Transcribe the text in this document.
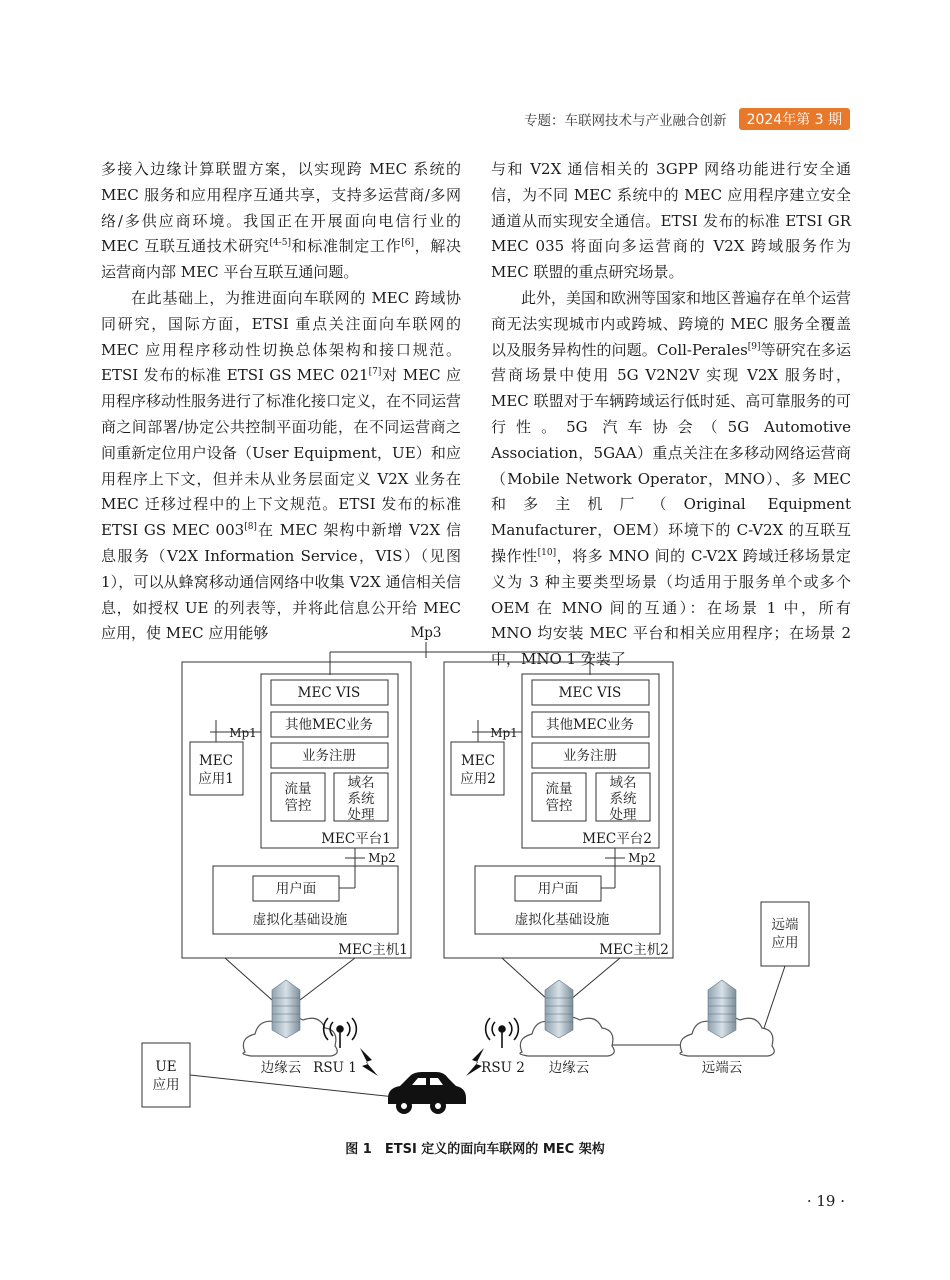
专题：车联网技术与产业融合创新	2024年第 3 期

多接入边缘计算联盟方案，以实现跨 MEC 系统的 MEC 服务和应用程序互通共享，支持多运营商/多网络/多供应商环境。我国正在开展面向电信行业的 MEC 互联互通技术研究[4-5]和标准制定工作[6]，解决运营商内部 MEC 平台互联互通问题。

在此基础上，为推进面向车联网的 MEC 跨域协同研究，国际方面，ETSI 重点关注面向车联网的 MEC 应用程序移动性切换总体架构和接口规范。ETSI 发布的标准 ETSI GS MEC 021[7]对 MEC 应用程序移动性服务进行了标准化接口定义，在不同运营商之间部署/协定公共控制平面功能，在不同运营商之间重新定位用户设备（User Equipment，UE）和应用程序上下文，但并未从业务层面定义 V2X 业务在 MEC 迁移过程中的上下文规范。ETSI 发布的标准 ETSI GS MEC 003[8]在 MEC 架构中新增 V2X 信息服务（V2X Information Service，VIS）（见图 1），可以从蜂窝移动通信网络中收集 V2X 通信相关信息，如授权 UE 的列表等，并将此信息公开给 MEC 应用，使 MEC 应用能够

与和 V2X 通信相关的 3GPP 网络功能进行安全通信，为不同 MEC 系统中的 MEC 应用程序建立安全通道从而实现安全通信。ETSI 发布的标准 ETSI GR MEC 035 将面向多运营商的 V2X 跨域服务作为 MEC 联盟的重点研究场景。

此外，美国和欧洲等国家和地区普遍存在单个运营商无法实现城市内或跨城、跨境的 MEC 服务全覆盖以及服务异构性的问题。Coll-Perales[9]等研究在多运营商场景中使用 5G V2N2V 实现 V2X 服务时，MEC 联盟对于车辆跨域运行低时延、高可靠服务的可行性。5G 汽车协会（5G Automotive Association，5GAA）重点关注在多移动网络运营商（Mobile Network Operator，MNO）、多 MEC 和多主机厂（Original Equipment Manufacturer，OEM）环境下的 C-V2X 的互联互操作性[10]，将多 MNO 间的 C-V2X 跨域迁移场景定义为 3 种主要类型场景（均适用于服务单个或多个 OEM 在 MNO 间的互通）：在场景 1 中，所有 MNO 均安装 MEC 平台和相关应用程序；在场景 2 中，MNO 1 安装了

Mp3
Mp1	Mp1
Mp2	Mp2
MEC VIS
其他MEC业务
业务注册
流量
管控
域名
系统
处理
MEC平台1
MEC
应用1
用户面
虚拟化基础设施
MEC主机1
MEC VIS
其他MEC业务
业务注册
流量
管控
域名
系统
处理
MEC平台2
MEC
应用2
用户面
虚拟化基础设施
MEC主机2
远端
应用
UE
应用
边缘云 RSU 1	RSU 2 边缘云	远端云
图 1　ETSI 定义的面向车联网的 MEC 架构
· 19 ·
